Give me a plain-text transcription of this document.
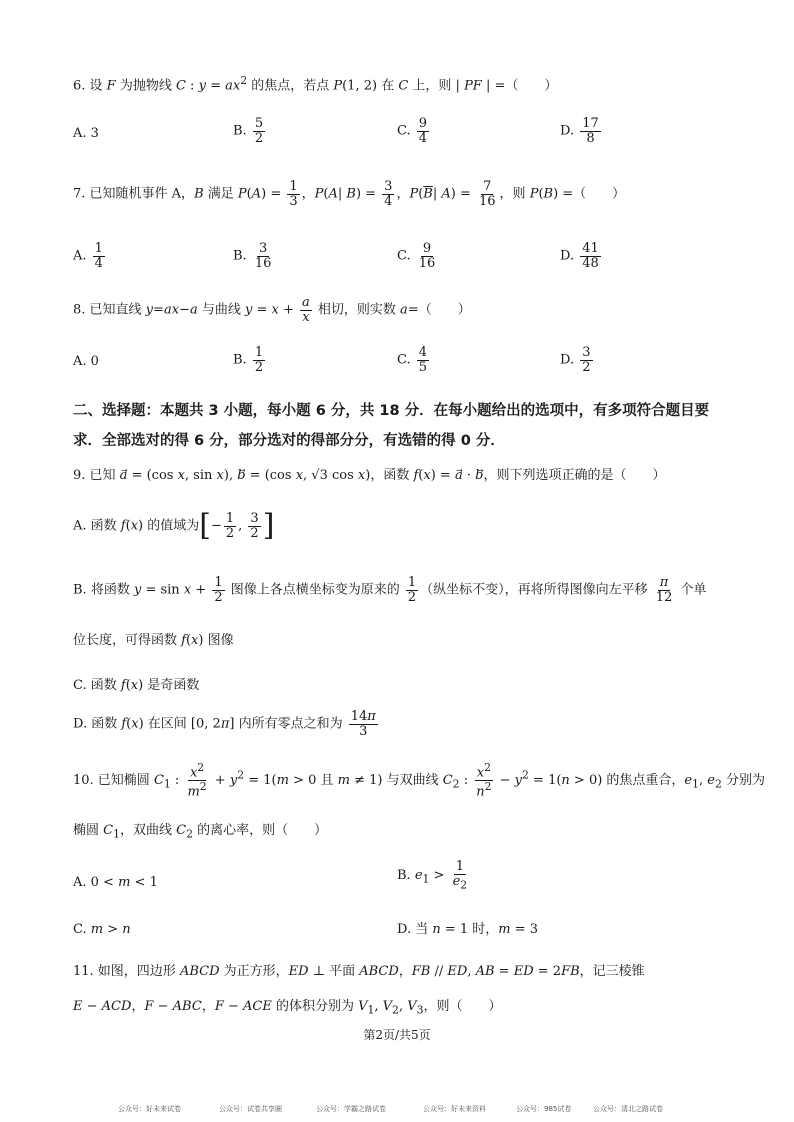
6. 设 F 为抛物线 C : $y = ax^2$ 的焦点，若点 P(1, 2) 在 C 上，则 | PF | =（　　）
A. 3	B. $\frac{5}{2}$	C. $\frac{9}{4}$	D. $\frac{17}{8}$
7. 已知随机事件 A，B 满足 $P(A) = \frac{1}{3}$ ，P(A| $B) = \frac{3}{4}$ ，$P(\overline{B}|$ $A) = \frac{7}{16}$ ，则 P(B) =（　　）
A. $\frac{1}{4}$	B. $\frac{3}{16}$	C. $\frac{9}{16}$	D. $\frac{41}{48}$
8. 已知直线 y=ax−a 与曲线 $y = x + \frac{a}{x}$ 相切，则实数 a=（　　）
A. 0	B. $\frac{1}{2}$	C. $\frac{4}{5}$	D. $\frac{3}{2}$
二、选择题：本题共 3 小题，每小题 6 分，共 18 分．在每小题给出的选项中，有多项符合题目要求．全部选对的得 6 分，部分选对的得部分分，有选错的得 0 分．
9. 已知 a⃗ = (cos x, sin x), b⃗ = (cos x, √3 cos x)，函数 f(x) = a⃗ · b⃗，则下列选项正确的是（　　）
A. 函数 f(x) 的值域为[− $\frac{1}{2}$ , $\frac{3}{2}$ ]
B. 将函数 $y = \sin x + \frac{1}{2}$ 图像上各点横坐标变为原来的 $\frac{1}{2}$ （纵坐标不变），再将所得图像向左平移 $\frac{\pi}{12}$ 个单
位长度，可得函数 f(x) 图像
C. 函数 f(x) 是奇函数
D. 函数 f(x) 在区间 [0, 2π] 内所有零点之和为 $\frac{14\pi}{3}$
10. 已知椭圆 $C_1$ : $\frac{x^2}{m^2} + y^2 = 1(m > 0$ 且 m ≠ 1) 与双曲线 $C_2$ : $\frac{x^2}{n^2} - y^2 = 1(n > 0)$ 的焦点重合，$e_1$, $e_2$ 分别为
椭圆 $C_1$，双曲线 $C_2$ 的离心率，则（　　）
A. 0 < m < 1	B. $e_1 > \frac{1}{e_2}$
C. m > n	D. 当 n = 1 时，m = 3
11. 如图，四边形 ABCD 为正方形，ED ⊥ 平面 ABCD，FB // ED, AB = ED = 2FB，记三棱锥
E − ACD，F − ABC，F − ACE 的体积分别为 $V_1$, $V_2$, $V_3$，则（　　）
第2页/共5页
公众号：好未来试卷	公众号：试卷共享圈	公众号：学霸之路试卷	公众号：好未来资料	公众号：985试卷	公众号：清北之路试卷
